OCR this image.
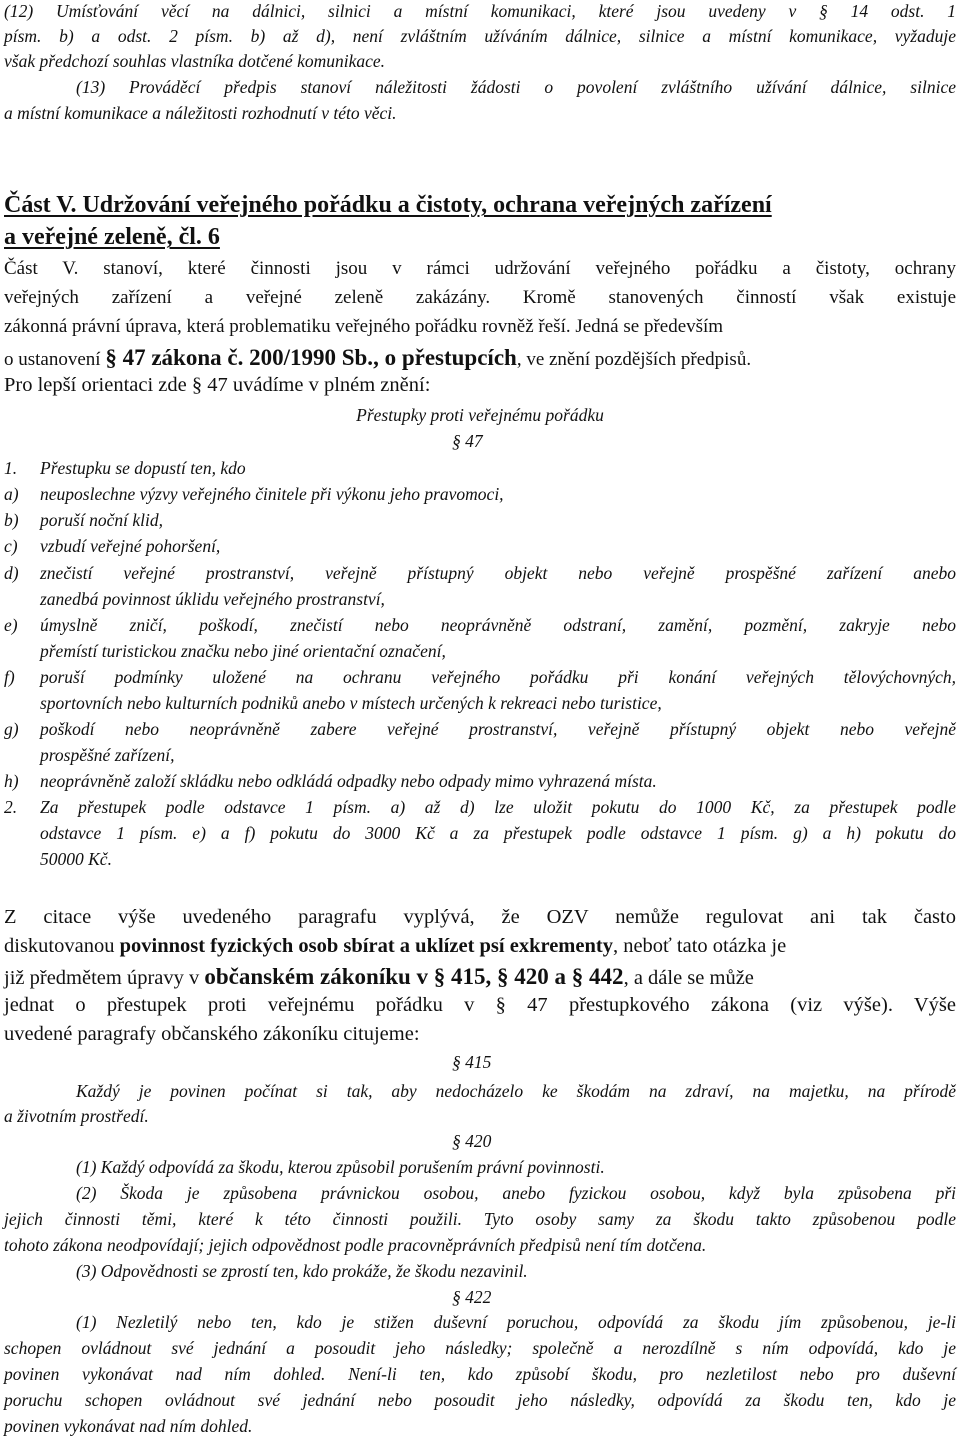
(12) Umísťování věcí na dálnici, silnici a místní komunikaci, které jsou uvedeny v § 14 odst. 1
písm. b) a odst. 2 písm. b) až d), není zvláštním užíváním dálnice, silnice a místní komunikace, vyžaduje
však předchozí souhlas vlastníka dotčené komunikace.
(13) Prováděcí předpis stanoví náležitosti žádosti o povolení zvláštního užívání dálnice, silnice
a místní komunikace a náležitosti rozhodnutí v této věci.
Část V. Udržování veřejného pořádku a čistoty, ochrana veřejných zařízení
a veřejné zeleně, čl. 6
Část V. stanoví, které činnosti jsou v rámci udržování veřejného pořádku a čistoty, ochrany
veřejných zařízení a veřejné zeleně zakázány. Kromě stanovených činností však existuje
zákonná právní úprava, která problematiku veřejného pořádku rovněž řeší. Jedná se především
o ustanovení § 47 zákona č. 200/1990 Sb., o přestupcích, ve znění pozdějších předpisů.
Pro lepší orientaci zde § 47 uvádíme v plném znění:
Přestupky proti veřejnému pořádku
§ 47
1. Přestupku se dopustí ten, kdo
a) neuposlechne výzvy veřejného činitele při výkonu jeho pravomoci,
b) poruší noční klid,
c) vzbudí veřejné pohoršení,
d)	znečistí veřejné prostranství, veřejně přístupný objekt nebo veřejně prospěšné zařízení anebo
zanedbá povinnost úklidu veřejného prostranství,
e)	úmyslně zničí, poškodí, znečistí nebo neoprávněně odstraní, zamění, pozmění, zakryje nebo
přemístí turistickou značku nebo jiné orientační označení,
f)	poruší podmínky uložené na ochranu veřejného pořádku při konání veřejných tělovýchovných,
sportovních nebo kulturních podniků anebo v místech určených k rekreaci nebo turistice,
g)	poškodí nebo neoprávněně zabere veřejné prostranství, veřejně přístupný objekt nebo veřejně
prospěšné zařízení,
h) neoprávněně založí skládku nebo odkládá odpadky nebo odpady mimo vyhrazená místa.
2.	Za přestupek podle odstavce 1 písm. a) až d) lze uložit pokutu do 1000 Kč, za přestupek podle
odstavce 1 písm. e) a f) pokutu do 3000 Kč a za přestupek podle odstavce 1 písm. g) a h) pokutu do
50000 Kč.
Z citace výše uvedeného paragrafu vyplývá, že OZV nemůže regulovat ani tak často
diskutovanou povinnost fyzických osob sbírat a uklízet psí exkrementy, neboť tato otázka je
již předmětem úpravy v občanském zákoníku v § 415, § 420 a § 442, a dále se může
jednat o přestupek proti veřejnému pořádku v § 47 přestupkového zákona (viz výše). Výše
uvedené paragrafy občanského zákoníku citujeme:
§ 415
Každý je povinen počínat si tak, aby nedocházelo ke škodám na zdraví, na majetku, na přírodě
a životním prostředí.
§ 420
(1) Každý odpovídá za škodu, kterou způsobil porušením právní povinnosti.
(2) Škoda je způsobena právnickou osobou, anebo fyzickou osobou, když byla způsobena při
jejich činnosti těmi, které k této činnosti použili. Tyto osoby samy za škodu takto způsobenou podle
tohoto zákona neodpovídají; jejich odpovědnost podle pracovněprávních předpisů není tím dotčena.
(3) Odpovědnosti se zprostí ten, kdo prokáže, že škodu nezavinil.
§ 422
(1) Nezletilý nebo ten, kdo je stižen duševní poruchou, odpovídá za škodu jím způsobenou, je-li
schopen ovládnout své jednání a posoudit jeho následky; společně a nerozdílně s ním odpovídá, kdo je
povinen vykonávat nad ním dohled. Není-li ten, kdo způsobí škodu, pro nezletilost nebo pro duševní
poruchu schopen ovládnout své jednání nebo posoudit jeho následky, odpovídá za škodu ten, kdo je
povinen vykonávat nad ním dohled.
